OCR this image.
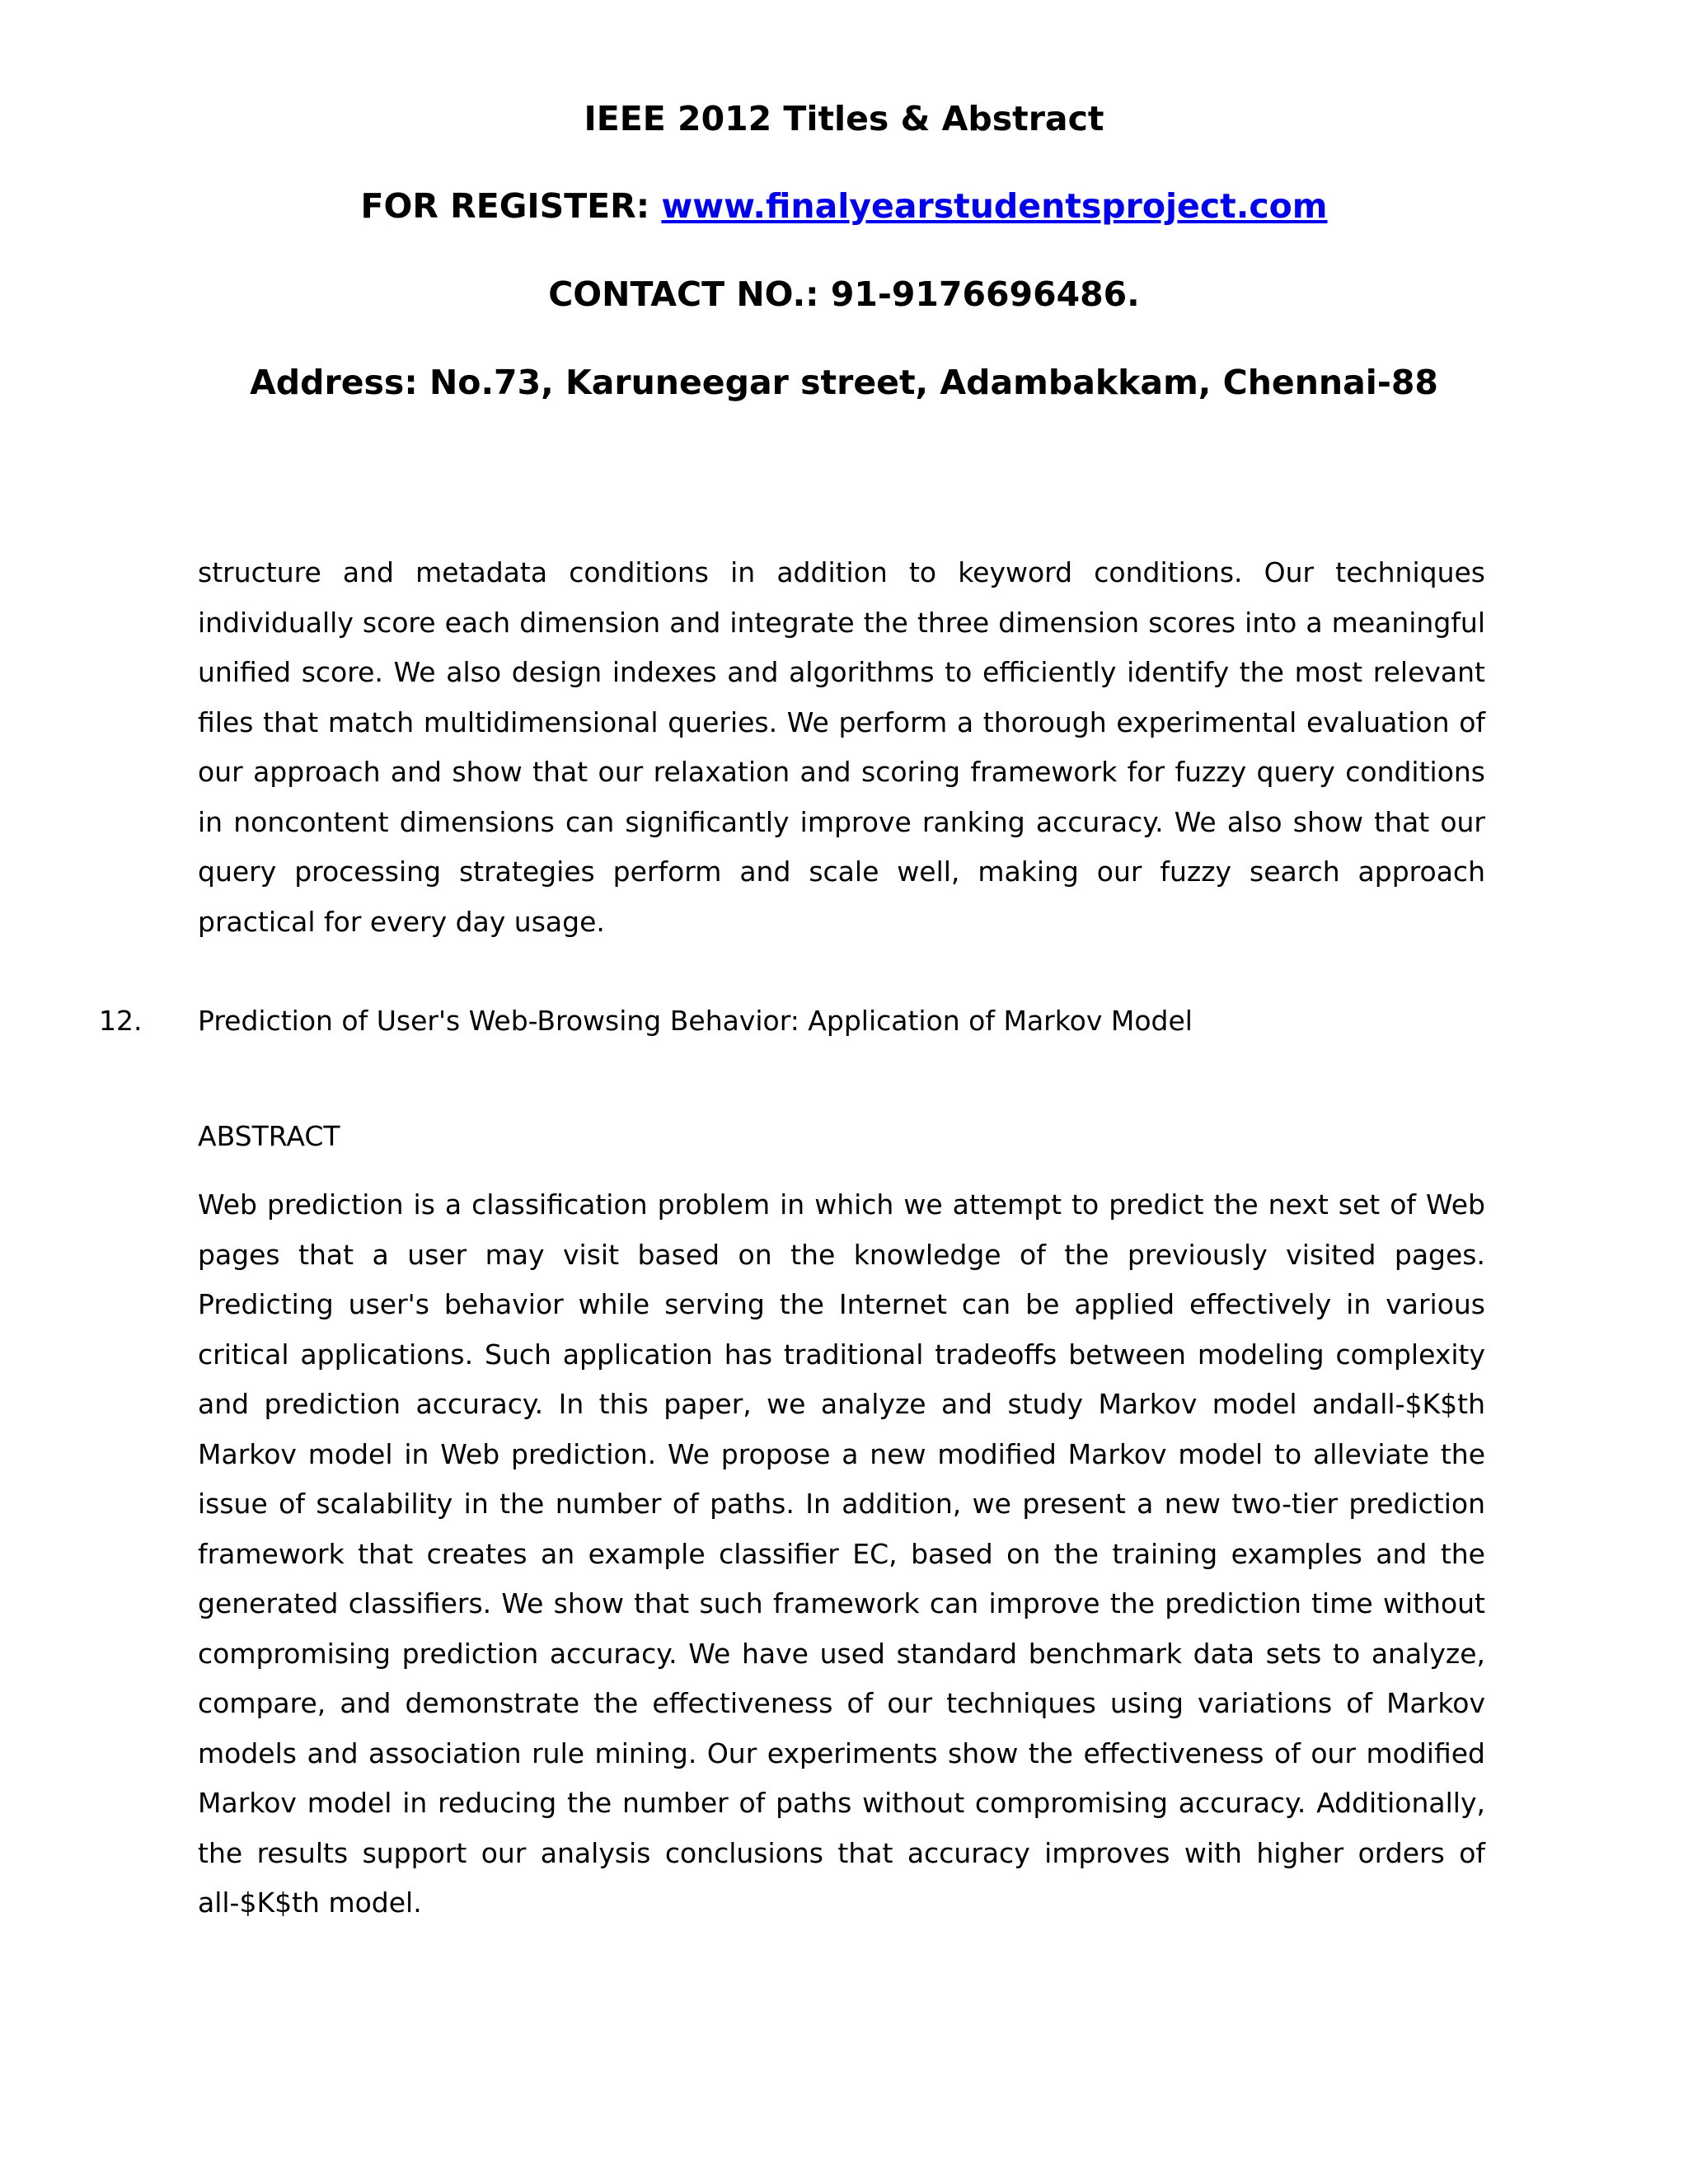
IEEE 2012 Titles & Abstract
FOR REGISTER: www.finalyearstudentsproject.com
CONTACT NO.: 91-9176696486.
Address: No.73, Karuneegar street, Adambakkam, Chennai-88

structure and metadata conditions in addition to keyword conditions. Our techniques individually score each dimension and integrate the three dimension scores into a meaningful unified score. We also design indexes and algorithms to efficiently identify the most relevant files that match multidimensional queries. We perform a thorough experimental evaluation of our approach and show that our relaxation and scoring framework for fuzzy query conditions in noncontent dimensions can significantly improve ranking accuracy. We also show that our query processing strategies perform and scale well, making our fuzzy search approach practical for every day usage.

12. Prediction of User's Web-Browsing Behavior: Application of Markov Model
ABSTRACT

Web prediction is a classification problem in which we attempt to predict the next set of Web pages that a user may visit based on the knowledge of the previously visited pages. Predicting user's behavior while serving the Internet can be applied effectively in various critical applications. Such application has traditional tradeoffs between modeling complexity and prediction accuracy. In this paper, we analyze and study Markov model andall-$K$th Markov model in Web prediction. We propose a new modified Markov model to alleviate the issue of scalability in the number of paths. In addition, we present a new two-tier prediction framework that creates an example classifier EC, based on the training examples and the generated classifiers. We show that such framework can improve the prediction time without compromising prediction accuracy. We have used standard benchmark data sets to analyze, compare, and demonstrate the effectiveness of our techniques using variations of Markov models and association rule mining. Our experiments show the effectiveness of our modified Markov model in reducing the number of paths without compromising accuracy. Additionally, the results support our analysis conclusions that accuracy improves with higher orders of all-$K$th model.
